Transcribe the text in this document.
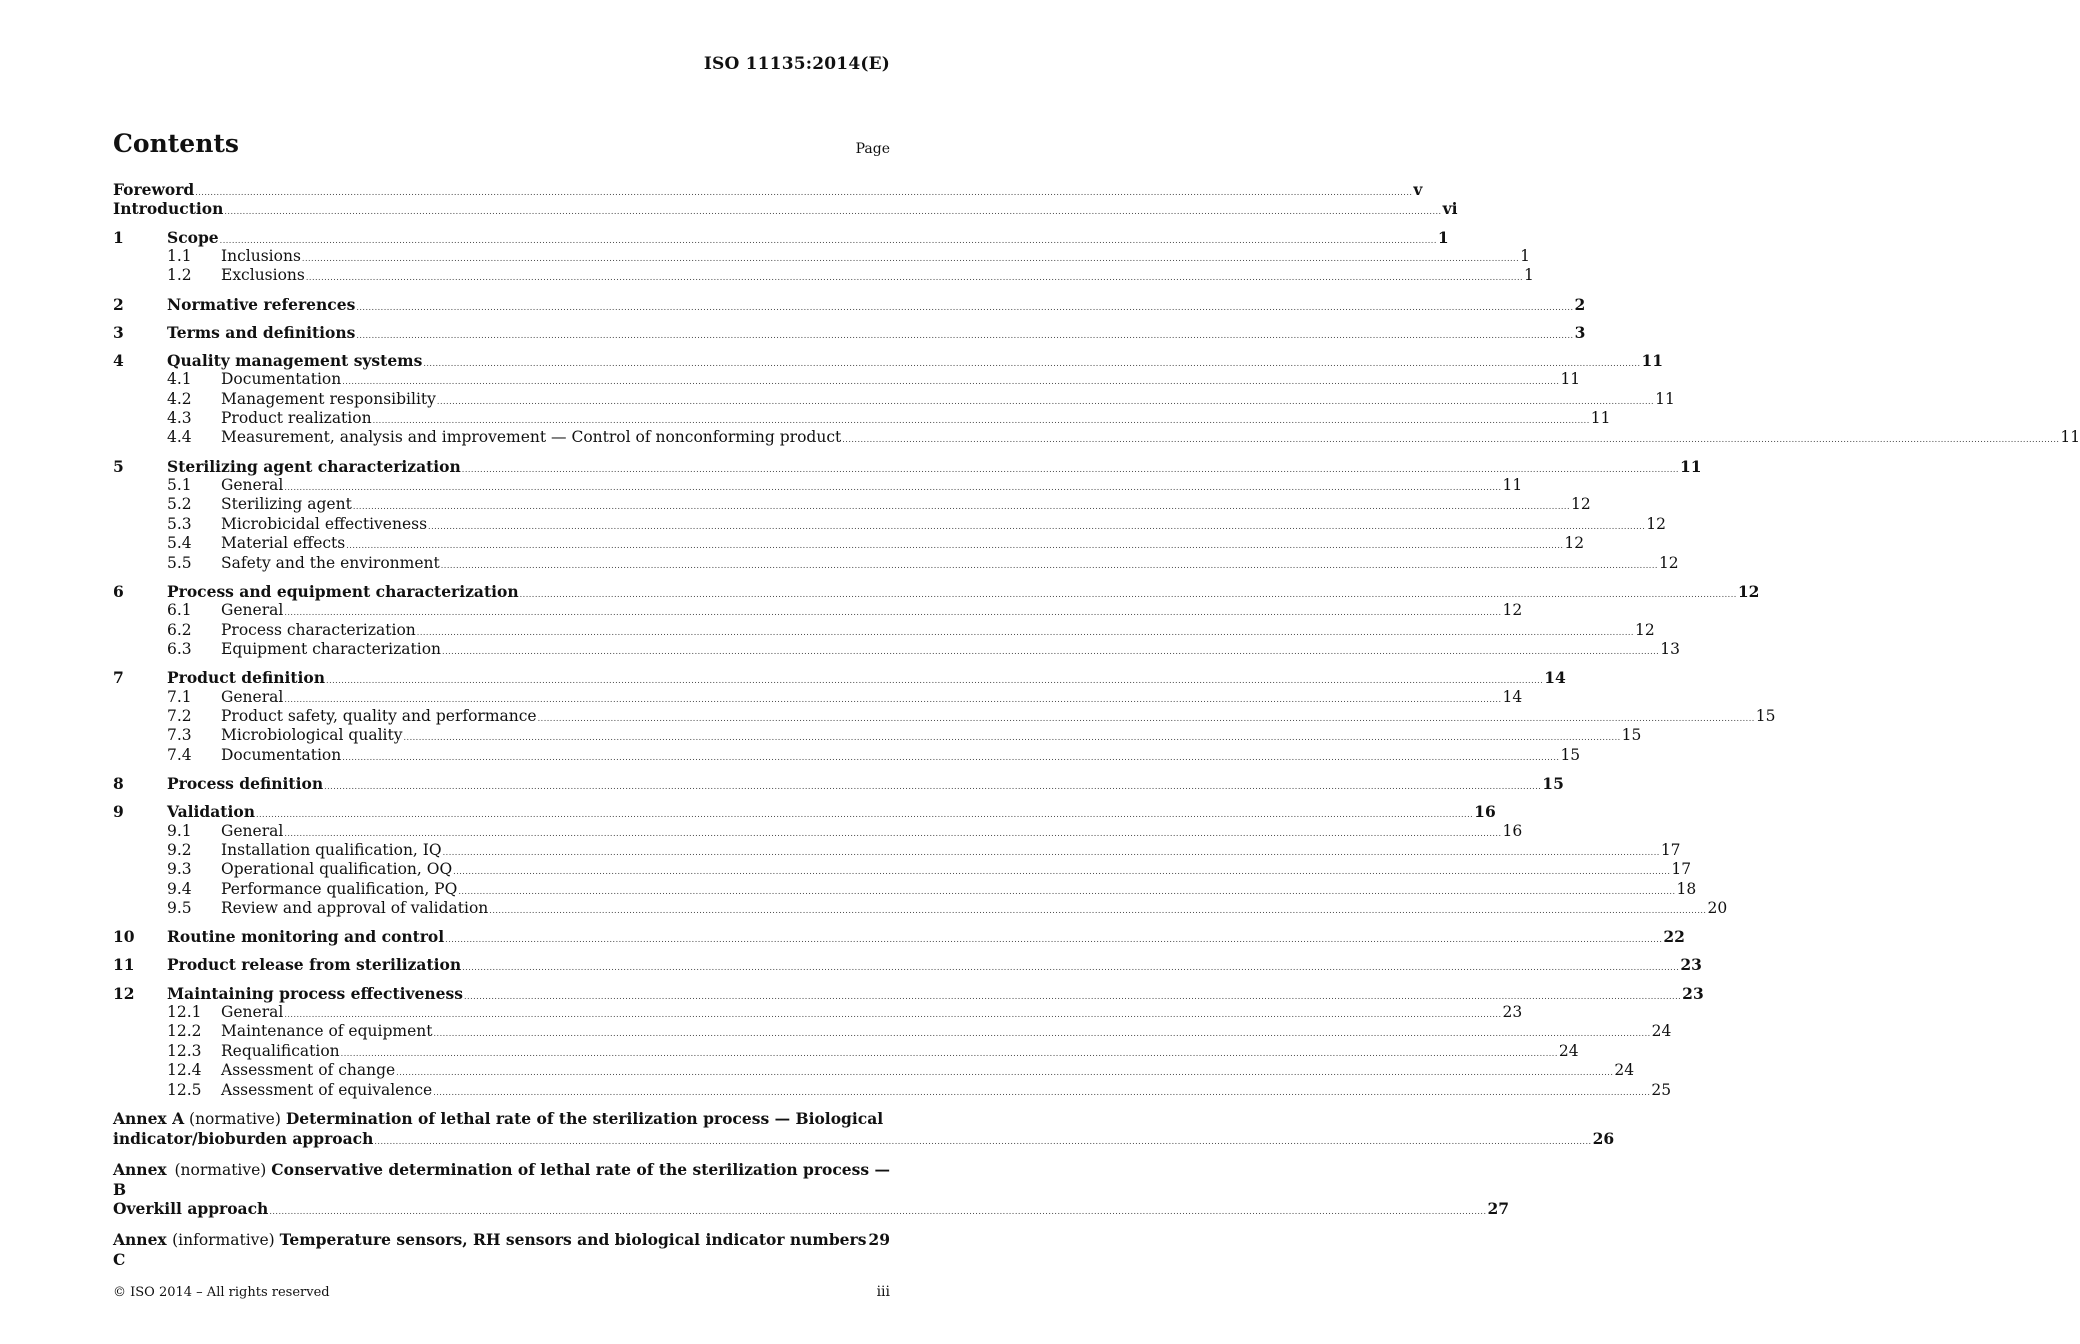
ISO 11135:2014(E)
Contents	Page
Foreword ................................................................................................................................................................................................................................................................................................................................................................................................................ v
Introduction ................................................................................................................................................................................................................................................................................................................................................................................................................ vi
1	Scope ................................................................................................................................................................................................................................................................................................................................................................................................................ 1
1.1	Inclusions ................................................................................................................................................................................................................................................................................................................................................................................................................ 1
1.2	Exclusions ................................................................................................................................................................................................................................................................................................................................................................................................................ 1
2	Normative references ................................................................................................................................................................................................................................................................................................................................................................................................................ 2
3	Terms and definitions ................................................................................................................................................................................................................................................................................................................................................................................................................ 3
4	Quality management systems ................................................................................................................................................................................................................................................................................................................................................................................................................ 11
4.1	Documentation ................................................................................................................................................................................................................................................................................................................................................................................................................ 11
4.2	Management responsibility ................................................................................................................................................................................................................................................................................................................................................................................................................ 11
4.3	Product realization ................................................................................................................................................................................................................................................................................................................................................................................................................ 11
4.4	Measurement, analysis and improvement — Control of nonconforming product ................................................................................................................................................................................................................................................................................................................................................................................................................ 11
5	Sterilizing agent characterization ................................................................................................................................................................................................................................................................................................................................................................................................................ 11
5.1	General ................................................................................................................................................................................................................................................................................................................................................................................................................ 11
5.2	Sterilizing agent ................................................................................................................................................................................................................................................................................................................................................................................................................ 12
5.3	Microbicidal effectiveness ................................................................................................................................................................................................................................................................................................................................................................................................................ 12
5.4	Material effects ................................................................................................................................................................................................................................................................................................................................................................................................................ 12
5.5	Safety and the environment ................................................................................................................................................................................................................................................................................................................................................................................................................ 12
6	Process and equipment characterization ................................................................................................................................................................................................................................................................................................................................................................................................................ 12
6.1	General ................................................................................................................................................................................................................................................................................................................................................................................................................ 12
6.2	Process characterization ................................................................................................................................................................................................................................................................................................................................................................................................................ 12
6.3	Equipment characterization ................................................................................................................................................................................................................................................................................................................................................................................................................ 13
7	Product definition ................................................................................................................................................................................................................................................................................................................................................................................................................ 14
7.1	General ................................................................................................................................................................................................................................................................................................................................................................................................................ 14
7.2	Product safety, quality and performance ................................................................................................................................................................................................................................................................................................................................................................................................................ 15
7.3	Microbiological quality ................................................................................................................................................................................................................................................................................................................................................................................................................ 15
7.4	Documentation ................................................................................................................................................................................................................................................................................................................................................................................................................ 15
8	Process definition ................................................................................................................................................................................................................................................................................................................................................................................................................ 15
9	Validation ................................................................................................................................................................................................................................................................................................................................................................................................................ 16
9.1	General ................................................................................................................................................................................................................................................................................................................................................................................................................ 16
9.2	Installation qualification, IQ ................................................................................................................................................................................................................................................................................................................................................................................................................ 17
9.3	Operational qualification, OQ ................................................................................................................................................................................................................................................................................................................................................................................................................ 17
9.4	Performance qualification, PQ ................................................................................................................................................................................................................................................................................................................................................................................................................ 18
9.5	Review and approval of validation ................................................................................................................................................................................................................................................................................................................................................................................................................ 20
10	Routine monitoring and control ................................................................................................................................................................................................................................................................................................................................................................................................................ 22
11	Product release from sterilization ................................................................................................................................................................................................................................................................................................................................................................................................................ 23
12	Maintaining process effectiveness ................................................................................................................................................................................................................................................................................................................................................................................................................ 23
12.1	General ................................................................................................................................................................................................................................................................................................................................................................................................................ 23
12.2	Maintenance of equipment ................................................................................................................................................................................................................................................................................................................................................................................................................ 24
12.3	Requalification ................................................................................................................................................................................................................................................................................................................................................................................................................ 24
12.4	Assessment of change ................................................................................................................................................................................................................................................................................................................................................................................................................ 24
12.5	Assessment of equivalence ................................................................................................................................................................................................................................................................................................................................................................................................................ 25
Annex A
(normative)
Determination of lethal rate of the sterilization process — Biological
indicator/bioburden approach ................................................................................................................................................................................................................................................................................................................................................................................................................ 26
Annex B

(normative)
Conservative determination of lethal rate of the sterilization process —
Overkill approach ................................................................................................................................................................................................................................................................................................................................................................................................................ 27
Annex C

(informative)
Temperature sensors, RH sensors and biological indicator numbers 29
© ISO 2014 – All rights reserved	iii
